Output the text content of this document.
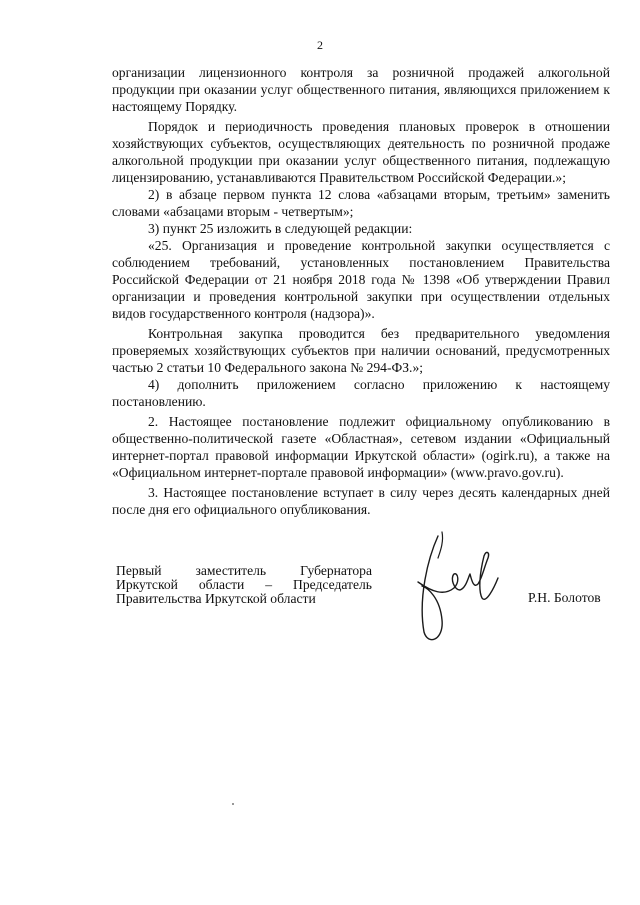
2

организации лицензионного контроля за розничной продажей алкогольной продукции при оказании услуг общественного питания, являющихся приложением к настоящему Порядку.

Порядок и периодичность проведения плановых проверок в отношении хозяйствующих субъектов, осуществляющих деятельность по розничной продаже алкогольной продукции при оказании услуг общественного питания, подлежащую лицензированию, устанавливаются Правительством Российской Федерации.»;

2) в абзаце первом пункта 12 слова «абзацами вторым, третьим» заменить словами «абзацами вторым - четвертым»;

3) пункт 25 изложить в следующей редакции:

«25. Организация и проведение контрольной закупки осуществляется с соблюдением требований, установленных постановлением Правительства Российской Федерации от 21 ноября 2018 года № 1398 «Об утверждении Правил организации и проведения контрольной закупки при осуществлении отдельных видов государственного контроля (надзора)».

Контрольная закупка проводится без предварительного уведомления проверяемых хозяйствующих субъектов при наличии оснований, предусмотренных частью 2 статьи 10 Федерального закона № 294-ФЗ.»;

4) дополнить приложением согласно приложению к настоящему постановлению.

2. Настоящее постановление подлежит официальному опубликованию в общественно-политической газете «Областная», сетевом издании «Официальный интернет-портал правовой информации Иркутской области» (ogirk.ru), а также на «Официальном интернет-портале правовой информации» (www.pravo.gov.ru).

3. Настоящее постановление вступает в силу через десять календарных дней после дня его официального опубликования.

Первый заместитель Губернатора
Иркутской области – Председатель
Правительства Иркутской области	Р.Н. Болотов
